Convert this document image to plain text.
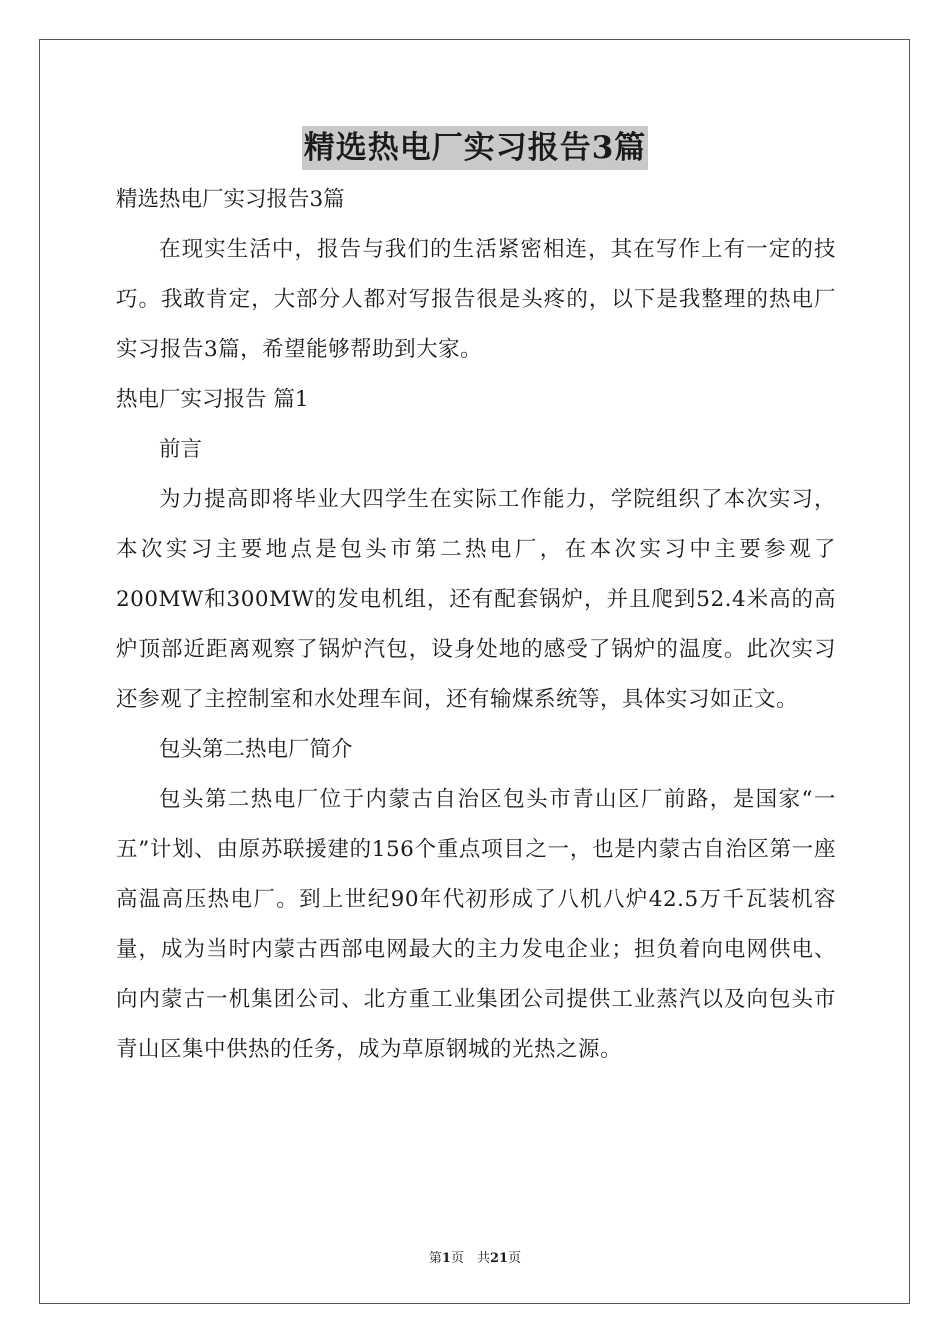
精选热电厂实习报告3篇

精选热电厂实习报告3篇

在现实生活中，报告与我们的生活紧密相连，其在写作上有一定的技巧。我敢肯定，大部分人都对写报告很是头疼的，以下是我整理的热电厂实习报告3篇，希望能够帮助到大家。

热电厂实习报告 篇1

前言

为力提高即将毕业大四学生在实际工作能力，学院组织了本次实习，本次实习主要地点是包头市第二热电厂，在本次实习中主要参观了200MW和300MW的发电机组，还有配套锅炉，并且爬到52.4米高的高炉顶部近距离观察了锅炉汽包，设身处地的感受了锅炉的温度。此次实习还参观了主控制室和水处理车间，还有输煤系统等，具体实习如正文。

包头第二热电厂简介

包头第二热电厂位于内蒙古自治区包头市青山区厂前路，是国家“一五”计划、由原苏联援建的156个重点项目之一，也是内蒙古自治区第一座高温高压热电厂。到上世纪90年代初形成了八机八炉42.5万千瓦装机容量，成为当时内蒙古西部电网最大的主力发电企业；担负着向电网供电、向内蒙古一机集团公司、北方重工业集团公司提供工业蒸汽以及向包头市青山区集中供热的任务，成为草原钢城的光热之源。

第1页　共21页
